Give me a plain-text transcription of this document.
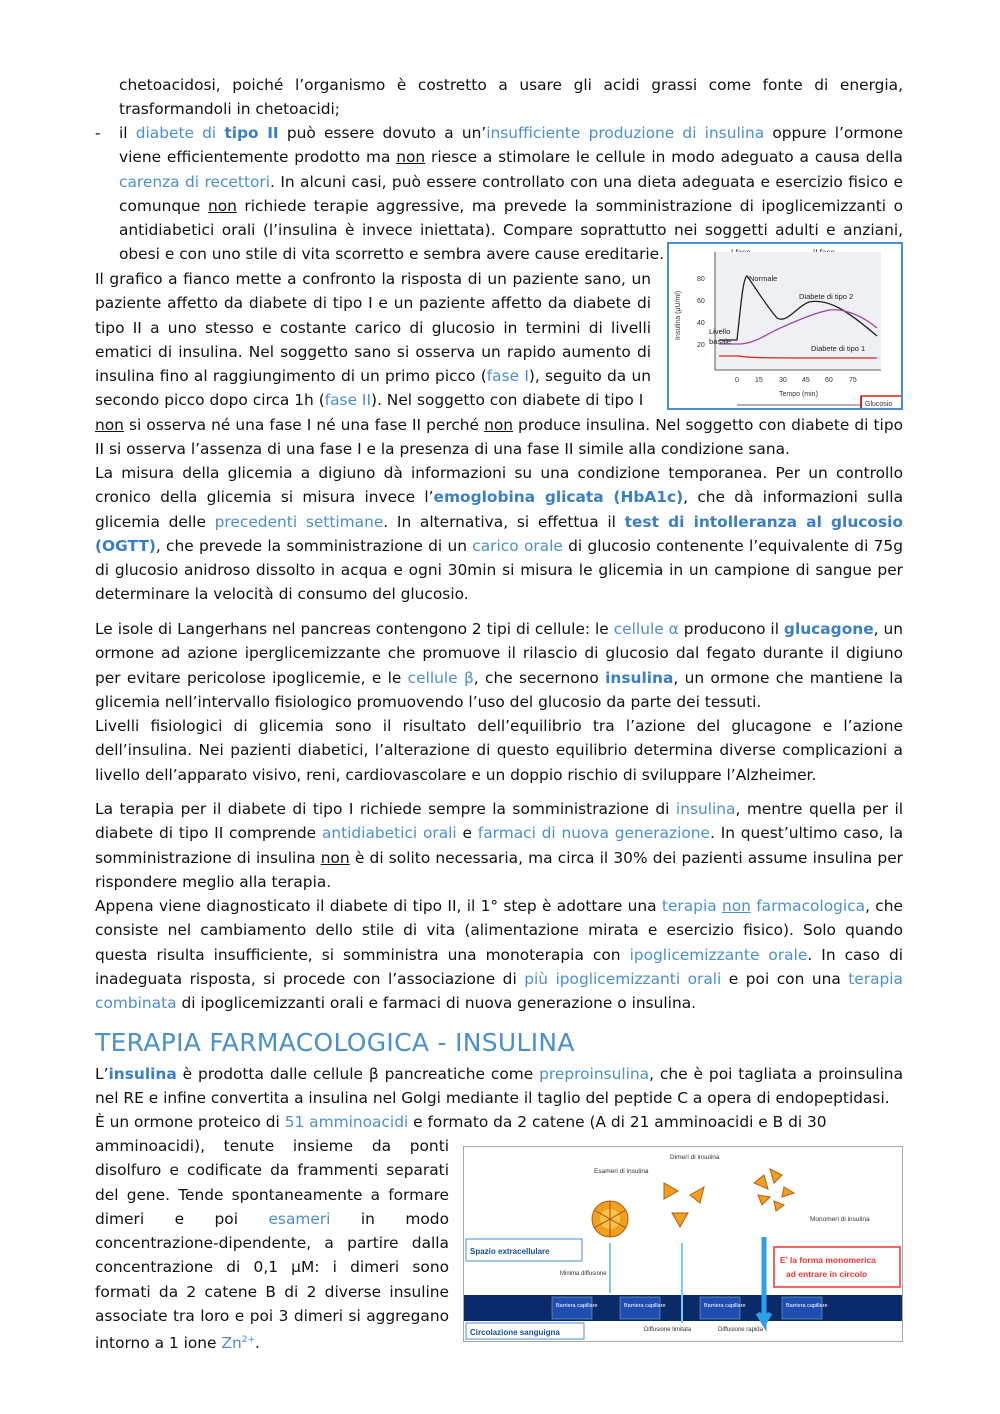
chetoacidosi, poiché l’organismo è costretto a usare gli acidi grassi come fonte di energia, trasformandoli in chetoacidi;

- il diabete di tipo II può essere dovuto a un’insufficiente produzione di insulina oppure l’ormone viene efficientemente prodotto ma non riesce a stimolare le cellule in modo adeguato a causa della carenza di recettori. In alcuni casi, può essere controllato con una dieta adeguata e esercizio fisico e comunque non richiede terapie aggressive, ma prevede la somministrazione di ipoglicemizzanti o antidiabetici orali (l’insulina è invece iniettata). Compare soprattutto nei soggetti adulti e anziani, obesi e con uno stile di vita scorretto e sembra avere cause ereditarie.

Il grafico a fianco mette a confronto la risposta di un paziente sano, un paziente affetto da diabete di tipo I e un paziente affetto da diabete di tipo II a uno stesso e costante carico di glucosio in termini di livelli ematici di insulina. Nel soggetto sano si osserva un rapido aumento di insulina fino al raggiungimento di un primo picco (fase I), seguito da un secondo picco dopo circa 1h (fase II). Nel soggetto con diabete di tipo I

Insulina (μU/ml)
80
60
40
20
0 15 30 45 60 75
Tempo (min)
Glucosio
Normale
Diabete di tipo 2
Diabete di tipo 1
Livello
basale

non si osserva né una fase I né una fase II perché non produce insulina. Nel soggetto con diabete di tipo II si osserva l’assenza di una fase I e la presenza di una fase II simile alla condizione sana.

La misura della glicemia a digiuno dà informazioni su una condizione temporanea. Per un controllo cronico della glicemia si misura invece l’emoglobina glicata (HbA1c), che dà informazioni sulla glicemia delle precedenti settimane. In alternativa, si effettua il test di intolleranza al glucosio (OGTT), che prevede la somministrazione di un carico orale di glucosio contenente l’equivalente di 75g di glucosio anidroso dissolto in acqua e ogni 30min si misura le glicemia in un campione di sangue per determinare la velocità di consumo del glucosio.

Le isole di Langerhans nel pancreas contengono 2 tipi di cellule: le cellule α producono il glucagone, un ormone ad azione iperglicemizzante che promuove il rilascio di glucosio dal fegato durante il digiuno per evitare pericolose ipoglicemie, e le cellule β, che secernono insulina, un ormone che mantiene la glicemia nell’intervallo fisiologico promuovendo l’uso del glucosio da parte dei tessuti.

Livelli fisiologici di glicemia sono il risultato dell’equilibrio tra l’azione del glucagone e l’azione dell’insulina. Nei pazienti diabetici, l’alterazione di questo equilibrio determina diverse complicazioni a livello dell’apparato visivo, reni, cardiovascolare e un doppio rischio di sviluppare l’Alzheimer.

La terapia per il diabete di tipo I richiede sempre la somministrazione di insulina, mentre quella per il diabete di tipo II comprende antidiabetici orali e farmaci di nuova generazione. In quest’ultimo caso, la somministrazione di insulina non è di solito necessaria, ma circa il 30% dei pazienti assume insulina per rispondere meglio alla terapia.

Appena viene diagnosticato il diabete di tipo II, il 1° step è adottare una terapia non farmacologica, che consiste nel cambiamento dello stile di vita (alimentazione mirata e esercizio fisico). Solo quando questa risulta insufficiente, si somministra una monoterapia con ipoglicemizzante orale. In caso di inadeguata risposta, si procede con l’associazione di più ipoglicemizzanti orali e poi con una terapia combinata di ipoglicemizzanti orali e farmaci di nuova generazione o insulina.

TERAPIA FARMACOLOGICA - INSULINA

L’insulina è prodotta dalle cellule β pancreatiche come preproinsulina, che è poi tagliata a proinsulina nel RE e infine convertita a insulina nel Golgi mediante il taglio del peptide C a opera di endopeptidasi.

È un ormone proteico di 51 amminoacidi e formato da 2 catene (A di 21 amminoacidi e B di 30

amminoacidi), tenute insieme da ponti disolfuro e codificate da frammenti separati del gene. Tende spontaneamente a formare dimeri e poi esameri in modo concentrazione-dipendente, a partire dalla concentrazione di 0,1 μM: i dimeri sono formati da 2 catene B di 2 diverse insuline associate tra loro e poi 3 dimeri si aggregano intorno a 1 ione $Zn^{2+}$.

Esameri di insulina
Dimeri di insulina
Monomeri di insulina
Spazio extracellulare
E’ la forma monomerica
ad entrare in circolo
Minima diffusione
Barriera capillare	Barriera capillare	Barriera capillare	Barriera capillare
Diffusione limitata	Diffusione rapida
Circolazione sanguigna
